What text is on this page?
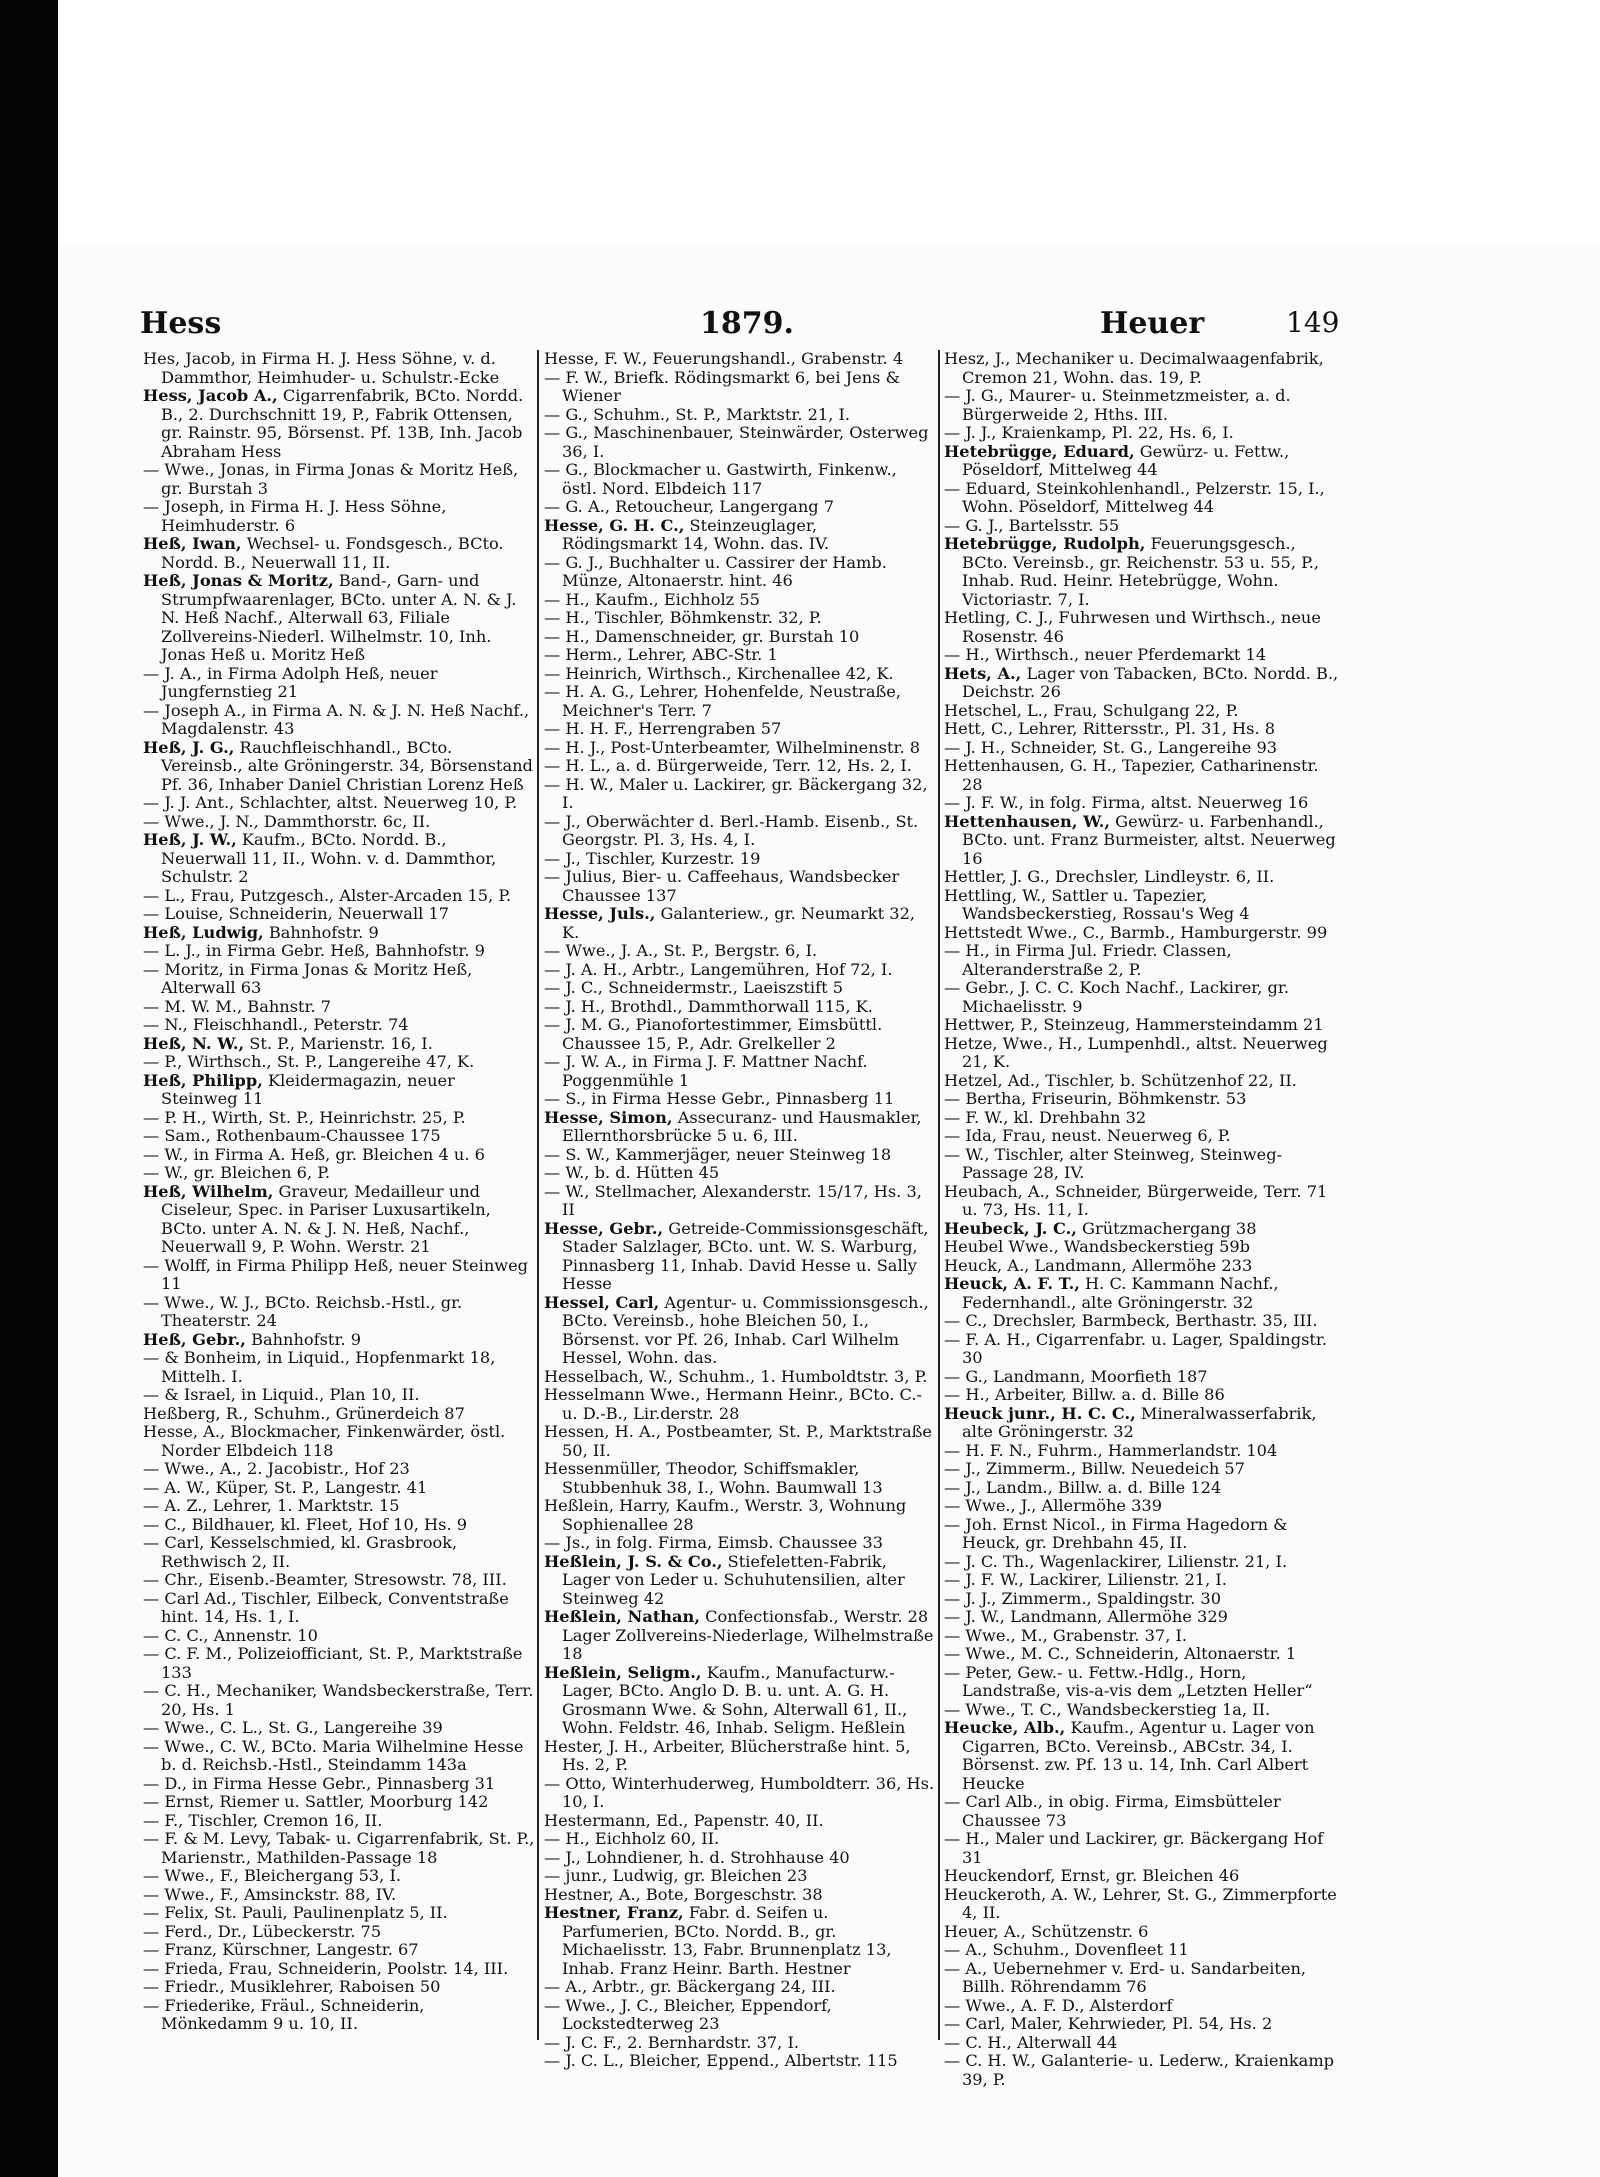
Hess	1879.	Heuer	149

Hes, Jacob, in Firma H. J. Hess Söhne, v. d. Dammthor, Heimhuder- u. Schulstr.-Ecke

Hess, Jacob A., Cigarrenfabrik, BCto. Nordd. B., 2. Durchschnitt 19, P., Fabrik Ottensen, gr. Rainstr. 95, Börsenst. Pf. 13B, Inh. Jacob Abraham Hess

— Wwe., Jonas, in Firma Jonas & Moritz Heß, gr. Burstah 3

— Joseph, in Firma H. J. Hess Söhne, Heimhuderstr. 6

Heß, Iwan, Wechsel- u. Fondsgesch., BCto. Nordd. B., Neuerwall 11, II.

Heß, Jonas & Moritz, Band-, Garn- und Strumpfwaarenlager, BCto. unter A. N. & J. N. Heß Nachf., Alterwall 63, Filiale Zollvereins-Niederl. Wilhelmstr. 10, Inh. Jonas Heß u. Moritz Heß

— J. A., in Firma Adolph Heß, neuer Jungfernstieg 21

— Joseph A., in Firma A. N. & J. N. Heß Nachf., Magdalenstr. 43

Heß, J. G., Rauchfleischhandl., BCto. Vereinsb., alte Gröningerstr. 34, Börsenstand Pf. 36, Inhaber Daniel Christian Lorenz Heß

— J. J. Ant., Schlachter, altst. Neuerweg 10, P.

— Wwe., J. N., Dammthorstr. 6c, II.

Heß, J. W., Kaufm., BCto. Nordd. B., Neuerwall 11, II., Wohn. v. d. Dammthor, Schulstr. 2

— L., Frau, Putzgesch., Alster-Arcaden 15, P.

— Louise, Schneiderin, Neuerwall 17

Heß, Ludwig, Bahnhofstr. 9

— L. J., in Firma Gebr. Heß, Bahnhofstr. 9

— Moritz, in Firma Jonas & Moritz Heß, Alterwall 63

— M. W. M., Bahnstr. 7

— N., Fleischhandl., Peterstr. 74

Heß, N. W., St. P., Marienstr. 16, I.

— P., Wirthsch., St. P., Langereihe 47, K.

Heß, Philipp, Kleidermagazin, neuer Steinweg 11

— P. H., Wirth, St. P., Heinrichstr. 25, P.

— Sam., Rothenbaum-Chaussee 175

— W., in Firma A. Heß, gr. Bleichen 4 u. 6

— W., gr. Bleichen 6, P.

Heß, Wilhelm, Graveur, Medailleur und Ciseleur, Spec. in Pariser Luxusartikeln, BCto. unter A. N. & J. N. Heß, Nachf., Neuerwall 9, P. Wohn. Werstr. 21

— Wolff, in Firma Philipp Heß, neuer Steinweg 11

— Wwe., W. J., BCto. Reichsb.-Hstl., gr. Theaterstr. 24

Heß, Gebr., Bahnhofstr. 9

— & Bonheim, in Liquid., Hopfenmarkt 18, Mittelh. I.

— & Israel, in Liquid., Plan 10, II.

Heßberg, R., Schuhm., Grünerdeich 87

Hesse, A., Blockmacher, Finkenwärder, östl. Norder Elbdeich 118

— Wwe., A., 2. Jacobistr., Hof 23

— A. W., Küper, St. P., Langestr. 41

— A. Z., Lehrer, 1. Marktstr. 15

— C., Bildhauer, kl. Fleet, Hof 10, Hs. 9

— Carl, Kesselschmied, kl. Grasbrook, Rethwisch 2, II.

— Chr., Eisenb.-Beamter, Stresowstr. 78, III.

— Carl Ad., Tischler, Eilbeck, Conventstraße hint. 14, Hs. 1, I.

— C. C., Annenstr. 10

— C. F. M., Polizeiofficiant, St. P., Marktstraße 133

— C. H., Mechaniker, Wandsbeckerstraße, Terr. 20, Hs. 1

— Wwe., C. L., St. G., Langereihe 39

— Wwe., C. W., BCto. Maria Wilhelmine Hesse b. d. Reichsb.-Hstl., Steindamm 143a

— D., in Firma Hesse Gebr., Pinnasberg 31

— Ernst, Riemer u. Sattler, Moorburg 142

— F., Tischler, Cremon 16, II.

— F. & M. Levy, Tabak- u. Cigarrenfabrik, St. P., Marienstr., Mathilden-Passage 18

— Wwe., F., Bleichergang 53, I.

— Wwe., F., Amsinckstr. 88, IV.

— Felix, St. Pauli, Paulinenplatz 5, II.

— Ferd., Dr., Lübeckerstr. 75

— Franz, Kürschner, Langestr. 67

— Frieda, Frau, Schneiderin, Poolstr. 14, III.

— Friedr., Musiklehrer, Raboisen 50

— Friederike, Fräul., Schneiderin, Mönkedamm 9 u. 10, II.

Hesse, F. W., Feuerungshandl., Grabenstr. 4

— F. W., Briefk. Rödingsmarkt 6, bei Jens & Wiener

— G., Schuhm., St. P., Marktstr. 21, I.

— G., Maschinenbauer, Steinwärder, Osterweg 36, I.

— G., Blockmacher u. Gastwirth, Finkenw., östl. Nord. Elbdeich 117

— G. A., Retoucheur, Langergang 7

Hesse, G. H. C., Steinzeuglager, Rödingsmarkt 14, Wohn. das. IV.

— G. J., Buchhalter u. Cassirer der Hamb. Münze, Altonaerstr. hint. 46

— H., Kaufm., Eichholz 55

— H., Tischler, Böhmkenstr. 32, P.

— H., Damenschneider, gr. Burstah 10

— Herm., Lehrer, ABC-Str. 1

— Heinrich, Wirthsch., Kirchenallee 42, K.

— H. A. G., Lehrer, Hohenfelde, Neustraße, Meichner's Terr. 7

— H. H. F., Herrengraben 57

— H. J., Post-Unterbeamter, Wilhelminenstr. 8

— H. L., a. d. Bürgerweide, Terr. 12, Hs. 2, I.

— H. W., Maler u. Lackirer, gr. Bäckergang 32, I.

— J., Oberwächter d. Berl.-Hamb. Eisenb., St. Georgstr. Pl. 3, Hs. 4, I.

— J., Tischler, Kurzestr. 19

— Julius, Bier- u. Caffeehaus, Wandsbecker Chaussee 137

Hesse, Juls., Galanteriew., gr. Neumarkt 32, K.

— Wwe., J. A., St. P., Bergstr. 6, I.

— J. A. H., Arbtr., Langemühren, Hof 72, I.

— J. C., Schneidermstr., Laeiszstift 5

— J. H., Brothdl., Dammthorwall 115, K.

— J. M. G., Pianofortestimmer, Eimsbüttl. Chaussee 15, P., Adr. Grelkeller 2

— J. W. A., in Firma J. F. Mattner Nachf. Poggenmühle 1

— S., in Firma Hesse Gebr., Pinnasberg 11

Hesse, Simon, Assecuranz- und Hausmakler, Ellernthorsbrücke 5 u. 6, III.

— S. W., Kammerjäger, neuer Steinweg 18

— W., b. d. Hütten 45

— W., Stellmacher, Alexanderstr. 15/17, Hs. 3, II

Hesse, Gebr., Getreide-Commissionsgeschäft, Stader Salzlager, BCto. unt. W. S. Warburg, Pinnasberg 11, Inhab. David Hesse u. Sally Hesse

Hessel, Carl, Agentur- u. Commissionsgesch., BCto. Vereinsb., hohe Bleichen 50, I., Börsenst. vor Pf. 26, Inhab. Carl Wilhelm Hessel, Wohn. das.

Hesselbach, W., Schuhm., 1. Humboldtstr. 3, P.

Hesselmann Wwe., Hermann Heinr., BCto. C.- u. D.-B., Lir.derstr. 28

Hessen, H. A., Postbeamter, St. P., Marktstraße 50, II.

Hessenmüller, Theodor, Schiffsmakler, Stubbenhuk 38, I., Wohn. Baumwall 13

Heßlein, Harry, Kaufm., Werstr. 3, Wohnung Sophienallee 28

— Js., in folg. Firma, Eimsb. Chaussee 33

Heßlein, J. S. & Co., Stiefeletten-Fabrik, Lager von Leder u. Schuhutensilien, alter Steinweg 42

Heßlein, Nathan, Confectionsfab., Werstr. 28 Lager Zollvereins-Niederlage, Wilhelmstraße 18

Heßlein, Seligm., Kaufm., Manufacturw.-Lager, BCto. Anglo D. B. u. unt. A. G. H. Grosmann Wwe. & Sohn, Alterwall 61, II., Wohn. Feldstr. 46, Inhab. Seligm. Heßlein

Hester, J. H., Arbeiter, Blücherstraße hint. 5, Hs. 2, P.

— Otto, Winterhuderweg, Humboldterr. 36, Hs. 10, I.

Hestermann, Ed., Papenstr. 40, II.

— H., Eichholz 60, II.

— J., Lohndiener, h. d. Strohhause 40

— junr., Ludwig, gr. Bleichen 23

Hestner, A., Bote, Borgeschstr. 38

Hestner, Franz, Fabr. d. Seifen u. Parfumerien, BCto. Nordd. B., gr. Michaelisstr. 13, Fabr. Brunnenplatz 13, Inhab. Franz Heinr. Barth. Hestner

— A., Arbtr., gr. Bäckergang 24, III.

— Wwe., J. C., Bleicher, Eppendorf, Lockstedterweg 23

— J. C. F., 2. Bernhardstr. 37, I.

— J. C. L., Bleicher, Eppend., Albertstr. 115

Hesz, J., Mechaniker u. Decimalwaagenfabrik, Cremon 21, Wohn. das. 19, P.

— J. G., Maurer- u. Steinmetzmeister, a. d. Bürgerweide 2, Hths. III.

— J. J., Kraienkamp, Pl. 22, Hs. 6, I.

Hetebrügge, Eduard, Gewürz- u. Fettw., Pöseldorf, Mittelweg 44

— Eduard, Steinkohlenhandl., Pelzerstr. 15, I., Wohn. Pöseldorf, Mittelweg 44

— G. J., Bartelsstr. 55

Hetebrügge, Rudolph, Feuerungsgesch., BCto. Vereinsb., gr. Reichenstr. 53 u. 55, P., Inhab. Rud. Heinr. Hetebrügge, Wohn. Victoriastr. 7, I.

Hetling, C. J., Fuhrwesen und Wirthsch., neue Rosenstr. 46

— H., Wirthsch., neuer Pferdemarkt 14

Hets, A., Lager von Tabacken, BCto. Nordd. B., Deichstr. 26

Hetschel, L., Frau, Schulgang 22, P.

Hett, C., Lehrer, Rittersstr., Pl. 31, Hs. 8

— J. H., Schneider, St. G., Langereihe 93

Hettenhausen, G. H., Tapezier, Catharinenstr. 28

— J. F. W., in folg. Firma, altst. Neuerweg 16

Hettenhausen, W., Gewürz- u. Farbenhandl., BCto. unt. Franz Burmeister, altst. Neuerweg 16

Hettler, J. G., Drechsler, Lindleystr. 6, II.

Hettling, W., Sattler u. Tapezier, Wandsbeckerstieg, Rossau's Weg 4

Hettstedt Wwe., C., Barmb., Hamburgerstr. 99

— H., in Firma Jul. Friedr. Classen, Alteranderstraße 2, P.

— Gebr., J. C. C. Koch Nachf., Lackirer, gr. Michaelisstr. 9

Hettwer, P., Steinzeug, Hammersteindamm 21

Hetze, Wwe., H., Lumpenhdl., altst. Neuerweg 21, K.

Hetzel, Ad., Tischler, b. Schützenhof 22, II.

— Bertha, Friseurin, Böhmkenstr. 53

— F. W., kl. Drehbahn 32

— Ida, Frau, neust. Neuerweg 6, P.

— W., Tischler, alter Steinweg, Steinweg-Passage 28, IV.

Heubach, A., Schneider, Bürgerweide, Terr. 71 u. 73, Hs. 11, I.

Heubeck, J. C., Grützmachergang 38

Heubel Wwe., Wandsbeckerstieg 59b

Heuck, A., Landmann, Allermöhe 233

Heuck, A. F. T., H. C. Kammann Nachf., Federnhandl., alte Gröningerstr. 32

— C., Drechsler, Barmbeck, Berthastr. 35, III.

— F. A. H., Cigarrenfabr. u. Lager, Spaldingstr. 30

— G., Landmann, Moorfieth 187

— H., Arbeiter, Billw. a. d. Bille 86

Heuck junr., H. C. C., Mineralwasserfabrik, alte Gröningerstr. 32

— H. F. N., Fuhrm., Hammerlandstr. 104

— J., Zimmerm., Billw. Neuedeich 57

— J., Landm., Billw. a. d. Bille 124

— Wwe., J., Allermöhe 339

— Joh. Ernst Nicol., in Firma Hagedorn & Heuck, gr. Drehbahn 45, II.

— J. C. Th., Wagenlackirer, Lilienstr. 21, I.

— J. F. W., Lackirer, Lilienstr. 21, I.

— J. J., Zimmerm., Spaldingstr. 30

— J. W., Landmann, Allermöhe 329

— Wwe., M., Grabenstr. 37, I.

— Wwe., M. C., Schneiderin, Altonaerstr. 1

— Peter, Gew.- u. Fettw.-Hdlg., Horn, Landstraße, vis-a-vis dem „Letzten Heller“

— Wwe., T. C., Wandsbeckerstieg 1a, II.

Heucke, Alb., Kaufm., Agentur u. Lager von Cigarren, BCto. Vereinsb., ABCstr. 34, I. Börsenst. zw. Pf. 13 u. 14, Inh. Carl Albert Heucke

— Carl Alb., in obig. Firma, Eimsbütteler Chaussee 73

— H., Maler und Lackirer, gr. Bäckergang Hof 31

Heuckendorf, Ernst, gr. Bleichen 46

Heuckeroth, A. W., Lehrer, St. G., Zimmerpforte 4, II.

Heuer, A., Schützenstr. 6

— A., Schuhm., Dovenfleet 11

— A., Uebernehmer v. Erd- u. Sandarbeiten, Billh. Röhrendamm 76

— Wwe., A. F. D., Alsterdorf

— Carl, Maler, Kehrwieder, Pl. 54, Hs. 2

— C. H., Alterwall 44

— C. H. W., Galanterie- u. Lederw., Kraienkamp 39, P.
